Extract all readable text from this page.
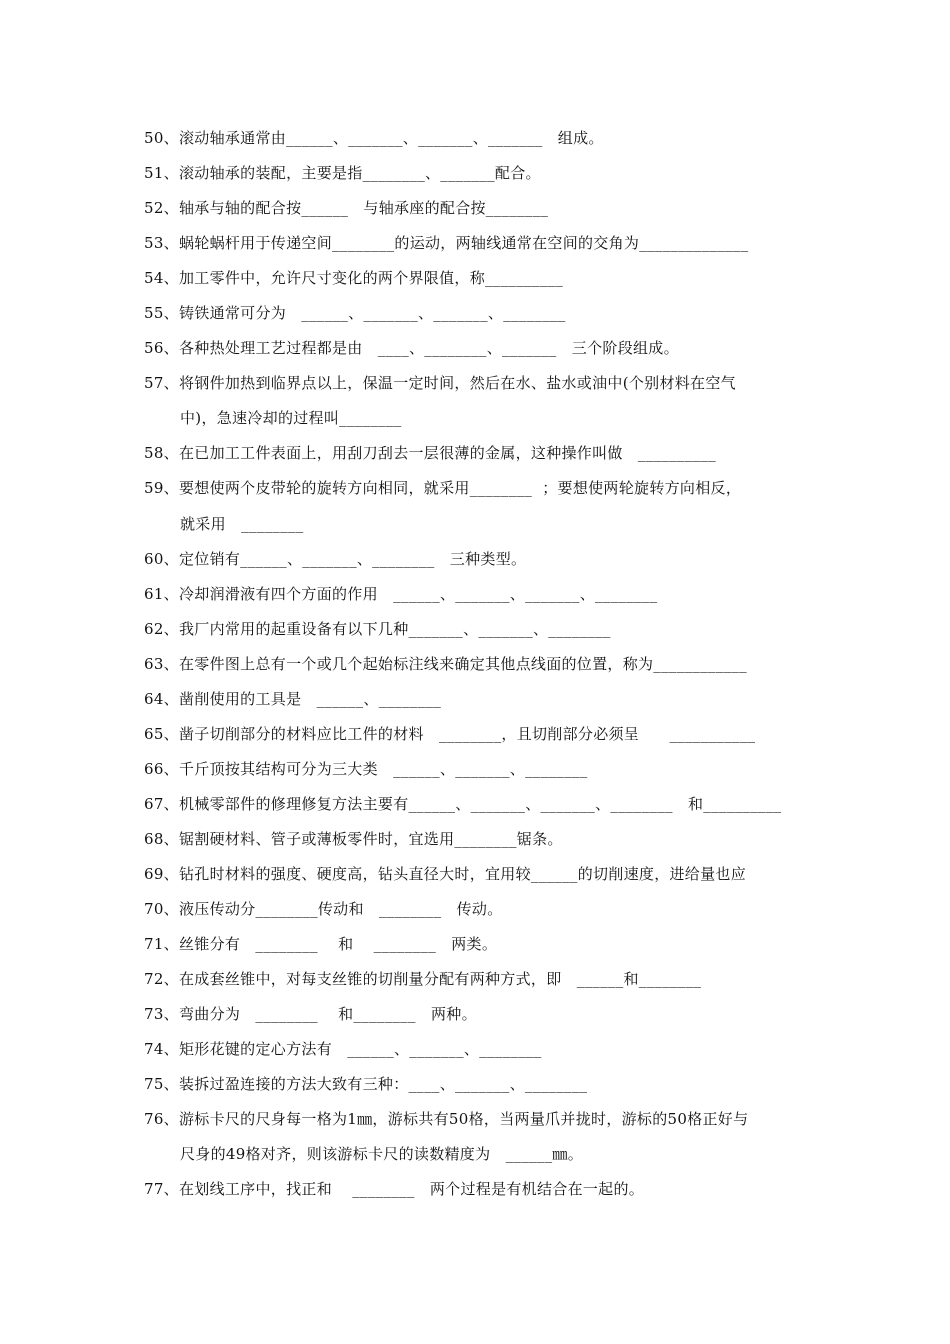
50、滚动轴承通常由______、_______、_______、_______   组成。
51、滚动轴承的装配，主要是指________、_______配合。
52、轴承与轴的配合按______   与轴承座的配合按________
53、蜗轮蜗杆用于传递空间________的运动，两轴线通常在空间的交角为______________
54、加工零件中，允许尺寸变化的两个界限值，称__________
55、铸铁通常可分为   ______、_______、_______、________
56、各种热处理工艺过程都是由   ____、________、_______   三个阶段组成。
57、将钢件加热到临界点以上，保温一定时间，然后在水、盐水或油中(个别材料在空气
中)，急速冷却的过程叫________
58、在已加工工件表面上，用刮刀刮去一层很薄的金属，这种操作叫做   __________
59、要想使两个皮带轮的旋转方向相同，就采用________  ；要想使两轮旋转方向相反，
就采用   ________
60、定位销有______、_______、________   三种类型。
61、冷却润滑液有四个方面的作用   ______、_______、_______、________
62、我厂内常用的起重设备有以下几种_______、_______、________
63、在零件图上总有一个或几个起始标注线来确定其他点线面的位置，称为____________
64、凿削使用的工具是   ______、________
65、凿子切削部分的材料应比工件的材料   ________，且切削部分必须呈      ___________
66、千斤顶按其结构可分为三大类   ______、_______、________
67、机械零部件的修理修复方法主要有______、_______、_______、________   和__________
68、锯割硬材料、管子或薄板零件时，宜选用________锯条。
69、钻孔时材料的强度、硬度高，钻头直径大时，宜用较______的切削速度，进给量也应
70、液压传动分________传动和   ________   传动。
71、丝锥分有   ________    和    ________   两类。
72、在成套丝锥中，对每支丝锥的切削量分配有两种方式，即   ______和________
73、弯曲分为   ________    和________   两种。
74、矩形花键的定心方法有   ______、_______、________
75、装拆过盈连接的方法大致有三种：____、_______、________
76、游标卡尺的尺身每一格为1㎜，游标共有50格，当两量爪并拢时，游标的50格正好与
尺身的49格对齐，则该游标卡尺的读数精度为   ______㎜。
77、在划线工序中，找正和    ________   两个过程是有机结合在一起的。
